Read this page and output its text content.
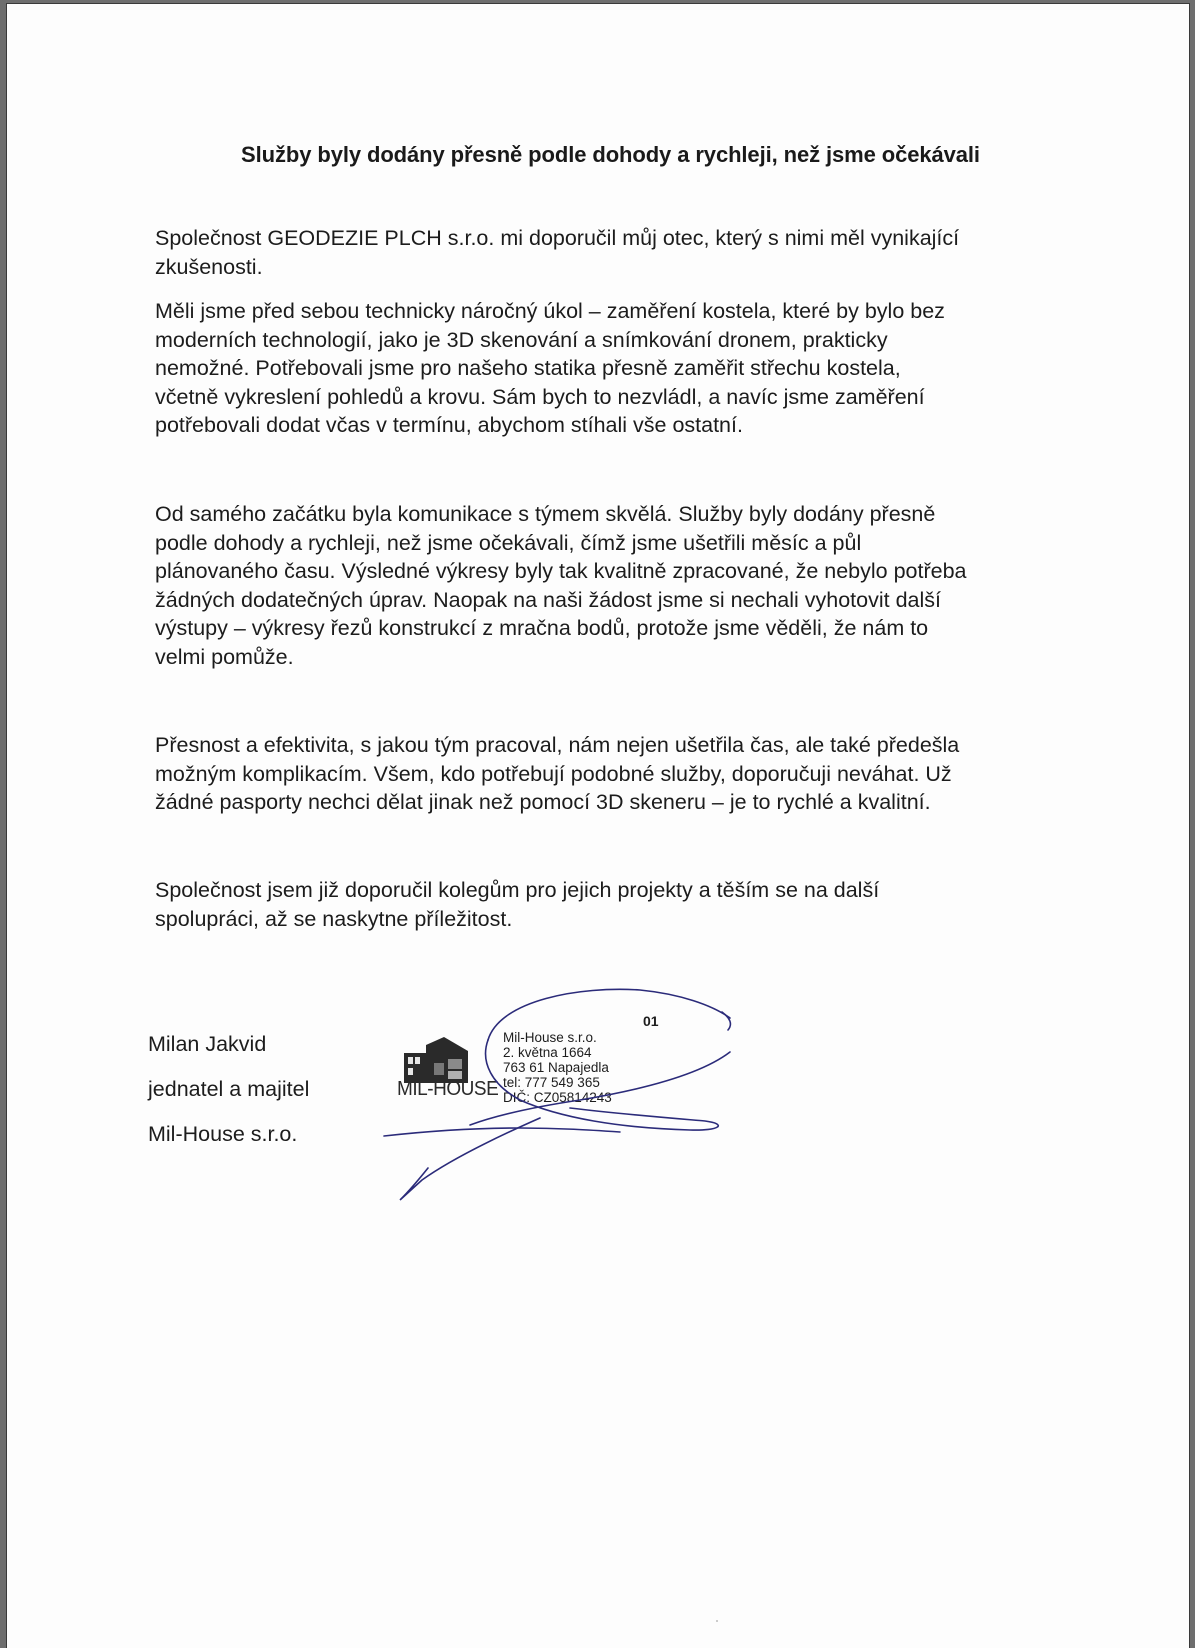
Služby byly dodány přesně podle dohody a rychleji, než jsme očekávali

Společnost GEODEZIE PLCH s.r.o. mi doporučil můj otec, který s nimi měl vynikající
zkušenosti.

Měli jsme před sebou technicky náročný úkol – zaměření kostela, které by bylo bez
moderních technologií, jako je 3D skenování a snímkování dronem, prakticky
nemožné. Potřebovali jsme pro našeho statika přesně zaměřit střechu kostela,
včetně vykreslení pohledů a krovu. Sám bych to nezvládl, a navíc jsme zaměření
potřebovali dodat včas v termínu, abychom stíhali vše ostatní.

Od samého začátku byla komunikace s týmem skvělá. Služby byly dodány přesně
podle dohody a rychleji, než jsme očekávali, čímž jsme ušetřili měsíc a půl
plánovaného času. Výsledné výkresy byly tak kvalitně zpracované, že nebylo potřeba
žádných dodatečných úprav. Naopak na naši žádost jsme si nechali vyhotovit další
výstupy – výkresy řezů konstrukcí z mračna bodů, protože jsme věděli, že nám to
velmi pomůže.

Přesnost a efektivita, s jakou tým pracoval, nám nejen ušetřila čas, ale také předešla
možným komplikacím. Všem, kdo potřebují podobné služby, doporučuji neváhat. Už
žádné pasporty nechci dělat jinak než pomocí 3D skeneru – je to rychlé a kvalitní.

Společnost jsem již doporučil kolegům pro jejich projekty a těším se na další
spolupráci, až se naskytne příležitost.

Milan Jakvid
jednatel a majitel
Mil-House s.r.o.
MIL-HOUSE
01
Mil-House s.r.o.
2. května 1664
763 61 Napajedla
tel: 777 549 365
DIČ: CZ05814243
